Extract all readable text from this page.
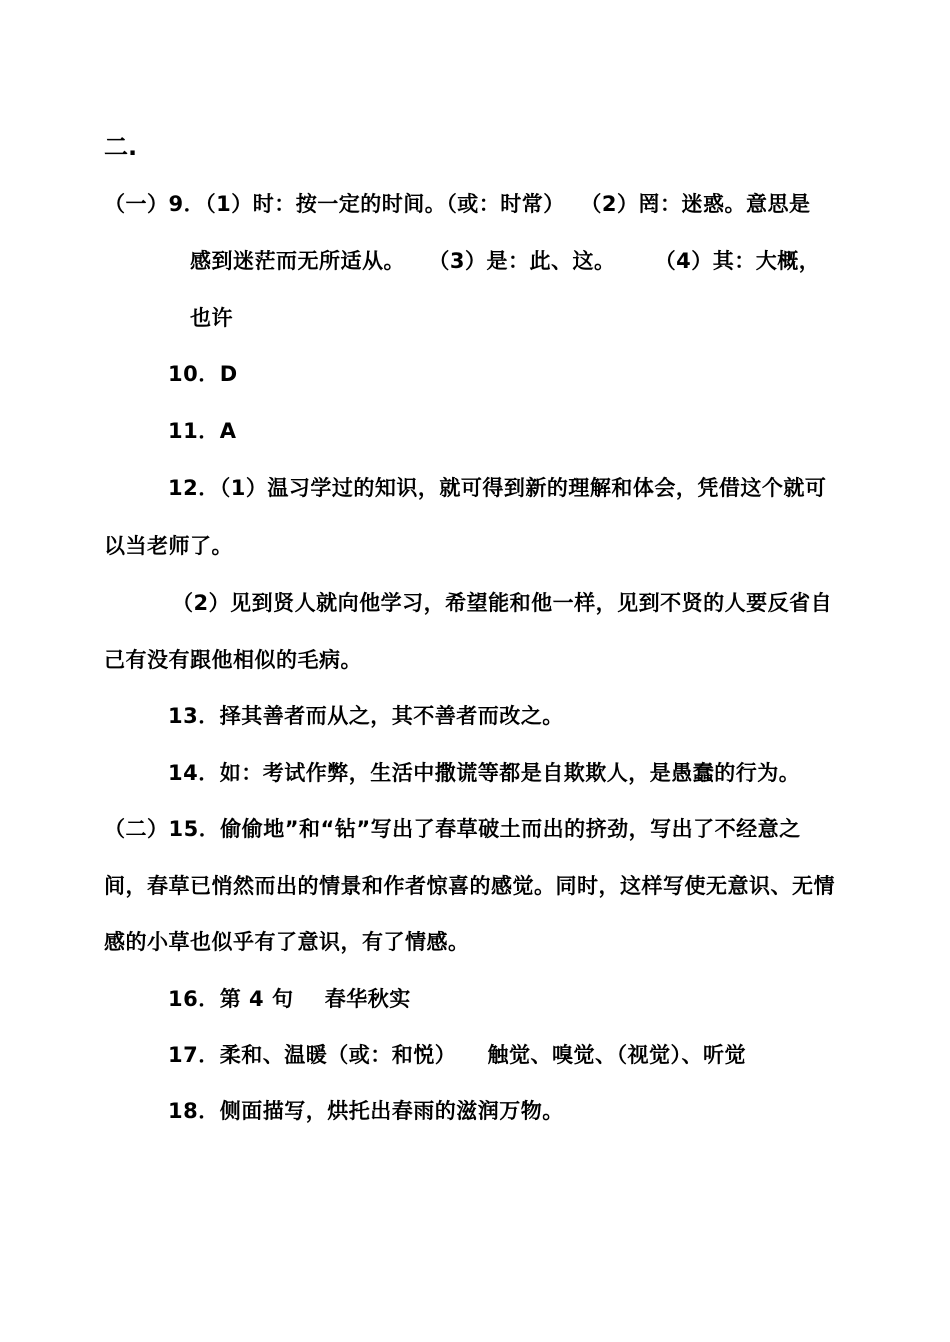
二.
（一）9．（1）时：按一定的时间。（或：时常）  （2）罔：迷惑。意思是
感到迷茫而无所适从。   （3）是：此、这。     （4）其：大概，
也许
10．D
11．A
12．（1）温习学过的知识，就可得到新的理解和体会，凭借这个就可
以当老师了。
（2）见到贤人就向他学习，希望能和他一样，见到不贤的人要反省自
己有没有跟他相似的毛病。
13．择其善者而从之，其不善者而改之。
14．如：考试作弊，生活中撒谎等都是自欺欺人，是愚蠢的行为。
（二）15．偷偷地”和“钻”写出了春草破土而出的挤劲，写出了不经意之
间，春草已悄然而出的情景和作者惊喜的感觉。同时，这样写使无意识、无情
感的小草也似乎有了意识，有了情感。
16．第 4 句    春华秋实
17．柔和、温暖（或：和悦）    触觉、嗅觉、（视觉）、听觉
18．侧面描写，烘托出春雨的滋润万物。
